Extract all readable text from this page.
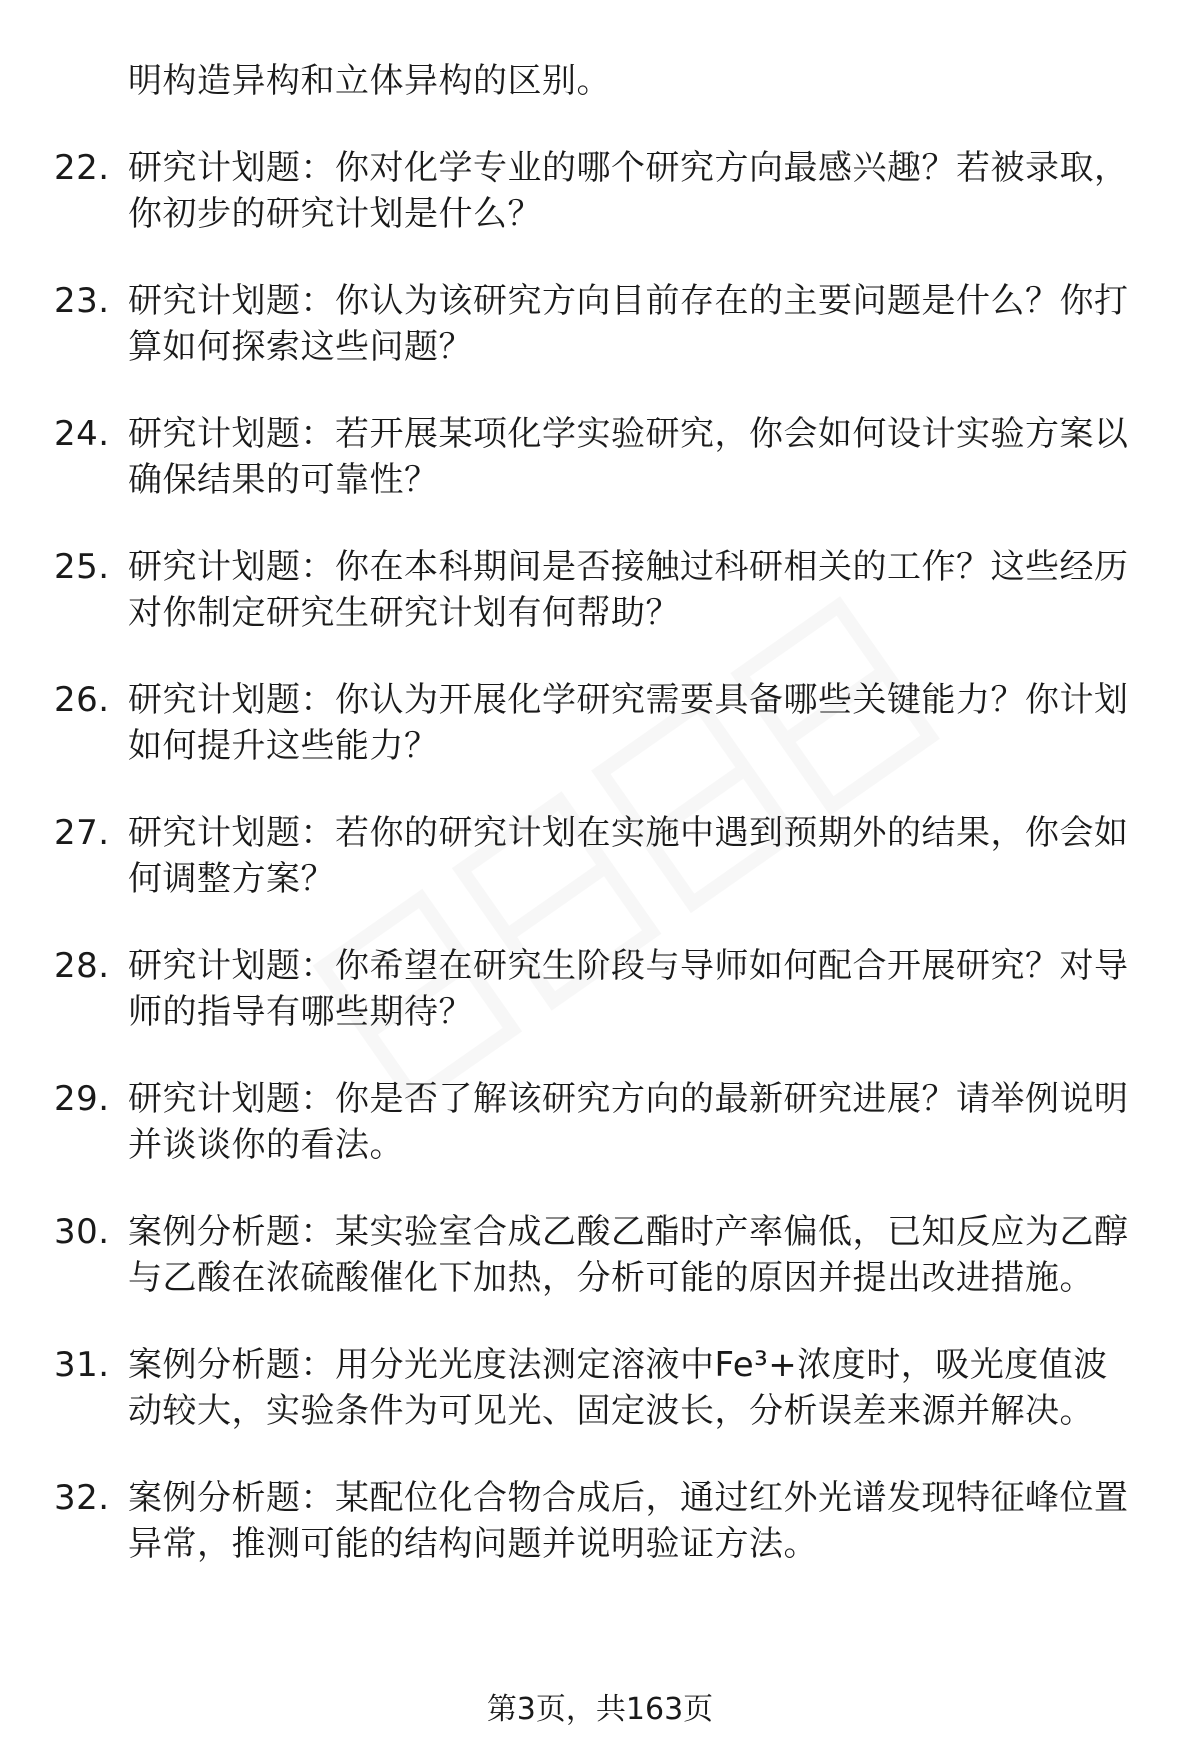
明构造异构和立体异构的区别。
22. 研究计划题：你对化学专业的哪个研究方向最感兴趣？若被录取，你初步的研究计划是什么？
23. 研究计划题：你认为该研究方向目前存在的主要问题是什么？你打算如何探索这些问题？
24. 研究计划题：若开展某项化学实验研究，你会如何设计实验方案以确保结果的可靠性？
25. 研究计划题：你在本科期间是否接触过科研相关的工作？这些经历对你制定研究生研究计划有何帮助？
26. 研究计划题：你认为开展化学研究需要具备哪些关键能力？你计划如何提升这些能力？
27. 研究计划题：若你的研究计划在实施中遇到预期外的结果，你会如何调整方案？
28. 研究计划题：你希望在研究生阶段与导师如何配合开展研究？对导师的指导有哪些期待？
29. 研究计划题：你是否了解该研究方向的最新研究进展？请举例说明并谈谈你的看法。
30. 案例分析题：某实验室合成乙酸乙酯时产率偏低，已知反应为乙醇与乙酸在浓硫酸催化下加热，分析可能的原因并提出改进措施。
31. 案例分析题：用分光光度法测定溶液中Fe³+浓度时，吸光度值波动较大，实验条件为可见光、固定波长，分析误差来源并解决。
32. 案例分析题：某配位化合物合成后，通过红外光谱发现特征峰位置异常，推测可能的结构问题并说明验证方法。
第3页，共163页
